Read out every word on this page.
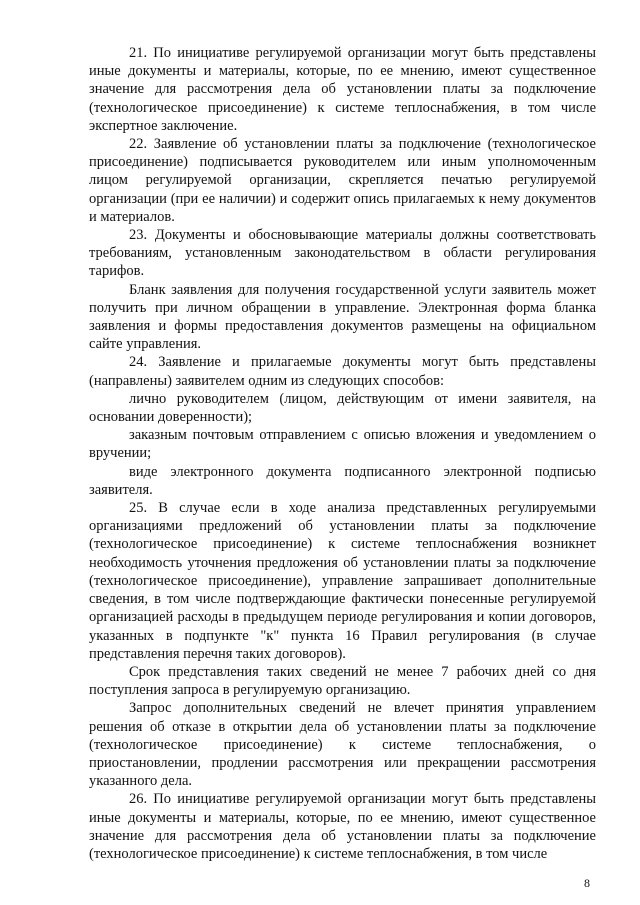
21. По инициативе регулируемой организации могут быть представлены иные документы и материалы, которые, по ее мнению, имеют существенное значение для рассмотрения дела об установлении платы за подключение (технологическое присоединение) к системе теплоснабжения, в том числе экспертное заключение.

22. Заявление об установлении платы за подключение (технологическое присоединение) подписывается руководителем или иным уполномоченным лицом регулируемой организации, скрепляется печатью регулируемой организации (при ее наличии) и содержит опись прилагаемых к нему документов и материалов.

23. Документы и обосновывающие материалы должны соответствовать требованиям, установленным законодательством в области регулирования тарифов.

Бланк заявления для получения государственной услуги заявитель может получить при личном обращении в управление. Электронная форма бланка заявления и формы предоставления документов размещены на официальном сайте управления.

24. Заявление и прилагаемые документы могут быть представлены (направлены) заявителем одним из следующих способов:

лично руководителем (лицом, действующим от имени заявителя, на основании доверенности);

заказным почтовым отправлением с описью вложения и уведомлением о вручении;

виде электронного документа подписанного электронной подписью заявителя.

25. В случае если в ходе анализа представленных регулируемыми организациями предложений об установлении платы за подключение (технологическое присоединение) к системе теплоснабжения возникнет необходимость уточнения предложения об установлении платы за подключение (технологическое присоединение), управление запрашивает дополнительные сведения, в том числе подтверждающие фактически понесенные регулируемой организацией расходы в предыдущем периоде регулирования и копии договоров, указанных в подпункте "к" пункта 16 Правил регулирования (в случае представления перечня таких договоров).

Срок представления таких сведений не менее 7 рабочих дней со дня поступления запроса в регулируемую организацию.

Запрос дополнительных сведений не влечет принятия управлением решения об отказе в открытии дела об установлении платы за подключение (технологическое присоединение) к системе теплоснабжения, о приостановлении, продлении рассмотрения или прекращении рассмотрения указанного дела.

26. По инициативе регулируемой организации могут быть представлены иные документы и материалы, которые, по ее мнению, имеют существенное значение для рассмотрения дела об установлении платы за подключение (технологическое присоединение) к системе теплоснабжения, в том числе

8
